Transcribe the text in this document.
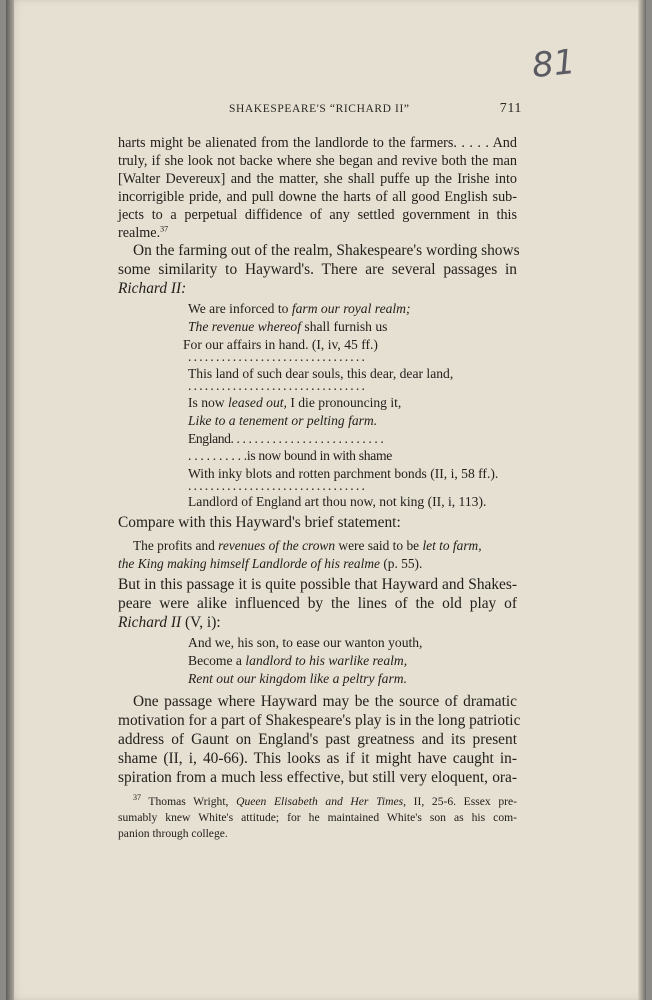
81
SHAKESPEARE'S “RICHARD II”	711
harts might be alienated from the landlorde to the farmers. . . . . And
truly, if she look not backe where she began and revive both the man
[Walter Devereux] and the matter, she shall puffe up the Irishe into
incorrigible pride, and pull downe the harts of all good English sub-
jects to a perpetual diffidence of any settled government in this
realme.$^{37}$
On the farming out of the realm, Shakespeare's wording shows
some similarity to Hayward's. There are several passages in
Richard II:
We are inforced to farm our royal realm;
The revenue whereof shall furnish us
For our affairs in hand. (I, iv, 45 ff.)
. . . . . . . . . . . . . . . . . . . . . . . . . . . . . . . .
This land of such dear souls, this dear, dear land,
. . . . . . . . . . . . . . . . . . . . . . . . . . . . . . . .
Is now leased out, I die pronouncing it,
Like to a tenement or pelting farm.
England. . . . . . . . . . . . . . . . . . . . . . . . . .
. . . . . . . . . .is now bound in with shame
With inky blots and rotten parchment bonds (II, i, 58 ff.).
. . . . . . . . . . . . . . . . . . . . . . . . . . . . . . . .
Landlord of England art thou now, not king (II, i, 113).
Compare with this Hayward's brief statement:
The profits and revenues of the crown were said to be let to farm,
the King making himself Landlorde of his realme (p. 55).
But in this passage it is quite possible that Hayward and Shakes-
peare were alike influenced by the lines of the old play of
Richard II (V, i):
And we, his son, to ease our wanton youth,
Become a landlord to his warlike realm,
Rent out our kingdom like a peltry farm.
One passage where Hayward may be the source of dramatic
motivation for a part of Shakespeare's play is in the long patriotic
address of Gaunt on England's past greatness and its present
shame (II, i, 40-66). This looks as if it might have caught in-
spiration from a much less effective, but still very eloquent, ora-
$^{37}$ Thomas Wright, Queen Elisabeth and Her Times, II, 25-6. Essex pre-
sumably knew White's attitude; for he maintained White's son as his com-
panion through college.
